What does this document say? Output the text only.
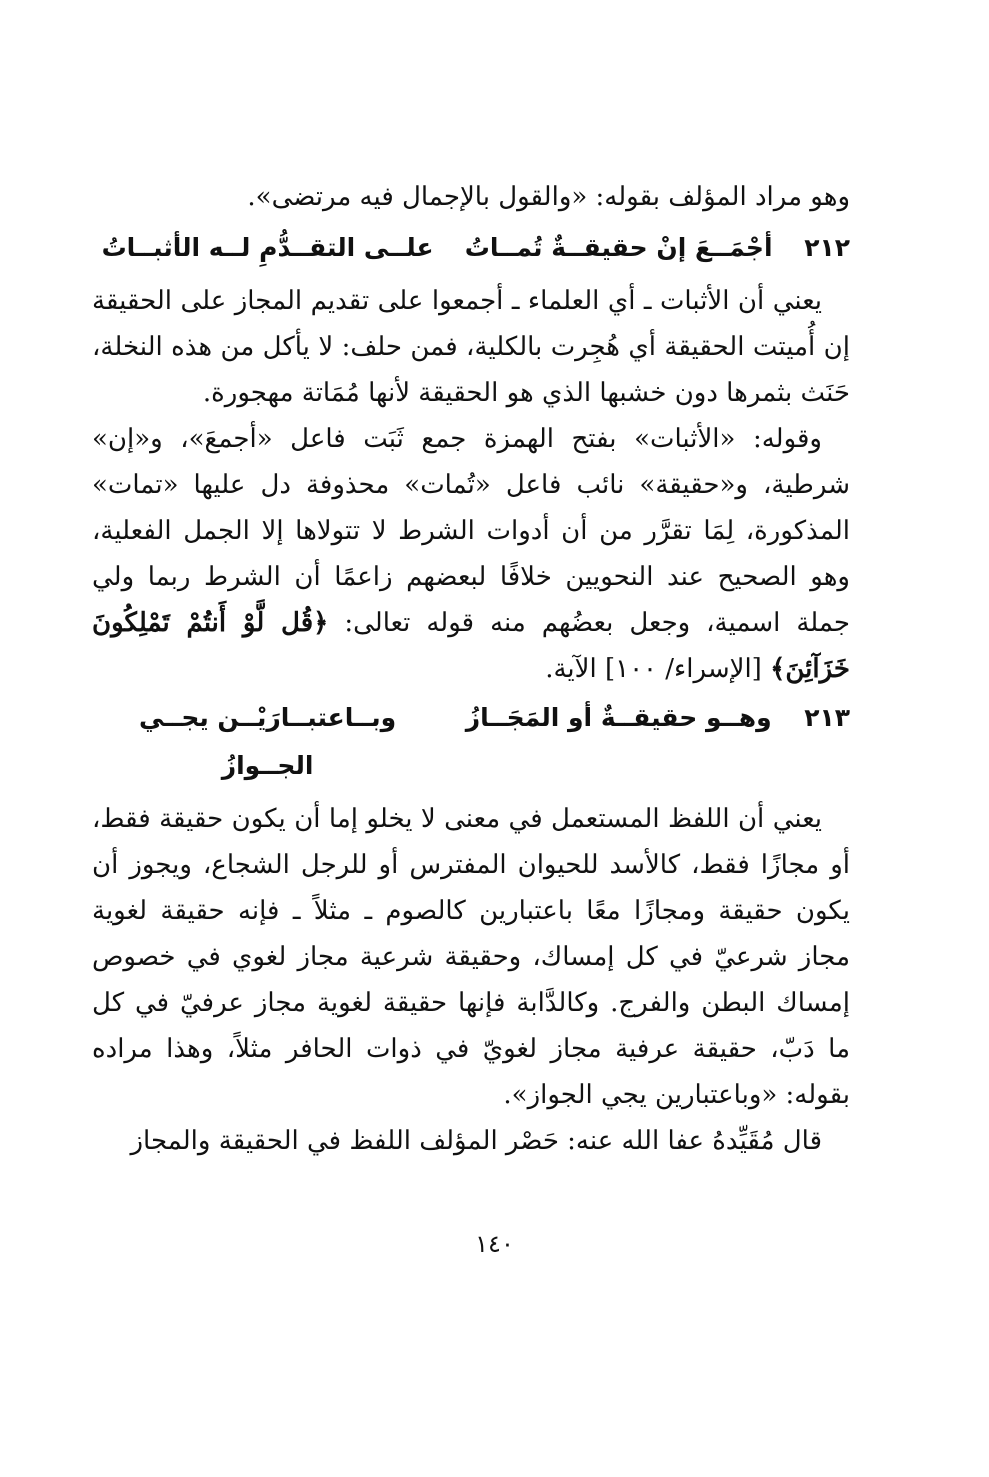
وهو مراد المؤلف بقوله: «والقول بالإجمال فيه مرتضى».
٢١٢
أجْمَــعَ إنْ حقيقــةٌ تُمــاتُ
علــى التقــدُّمِ لــه الأثبــاتُ

يعني أن الأثبات ـ أي العلماء ـ أجمعوا على تقديم المجاز على الحقيقة إن أُميتت الحقيقة أي هُجِرت بالكلية، فمن حلف: لا يأكل من هذه النخلة، حَنَث بثمرها دون خشبها الذي هو الحقيقة لأنها مُمَاتة مهجورة.

وقوله: «الأثبات» بفتح الهمزة جمع ثَبَت فاعل «أجمعَ»، و«إن» شرطية، و«حقيقة» نائب فاعل «تُمات» محذوفة دل عليها «تمات» المذكورة، لِمَا تقرَّر من أن أدوات الشرط لا تتولاها إلا الجمل الفعلية، وهو الصحيح عند النحويين خلافًا لبعضهم زاعمًا أن الشرط ربما ولي جملة اسمية، وجعل بعضُهم منه قوله تعالى: ﴿قُل لَّوْ أَنتُمْ تَمْلِكُونَ خَزَآئِنَ﴾ [الإسراء/ ١٠٠] الآية.

٢١٣
وهــو حقيقــةٌ أو المَجَــازُ
وبــاعتبــارَيْــن يجــي الجــوازُ

يعني أن اللفظ المستعمل في معنى لا يخلو إما أن يكون حقيقة فقط، أو مجازًا فقط، كالأسد للحيوان المفترس أو للرجل الشجاع، ويجوز أن يكون حقيقة ومجازًا معًا باعتبارين كالصوم ـ مثلاً ـ فإنه حقيقة لغوية مجاز شرعيّ في كل إمساك، وحقيقة شرعية مجاز لغوي في خصوص إمساك البطن والفرج. وكالدَّابة فإنها حقيقة لغوية مجاز عرفيّ في كل ما دَبّ، حقيقة عرفية مجاز لغويّ في ذوات الحافر مثلاً، وهذا مراده بقوله: «وباعتبارين يجي الجواز».

قال مُقَيِّدهُ عفا الله عنه: حَصْر المؤلف اللفظ في الحقيقة والمجاز

١٤٠
